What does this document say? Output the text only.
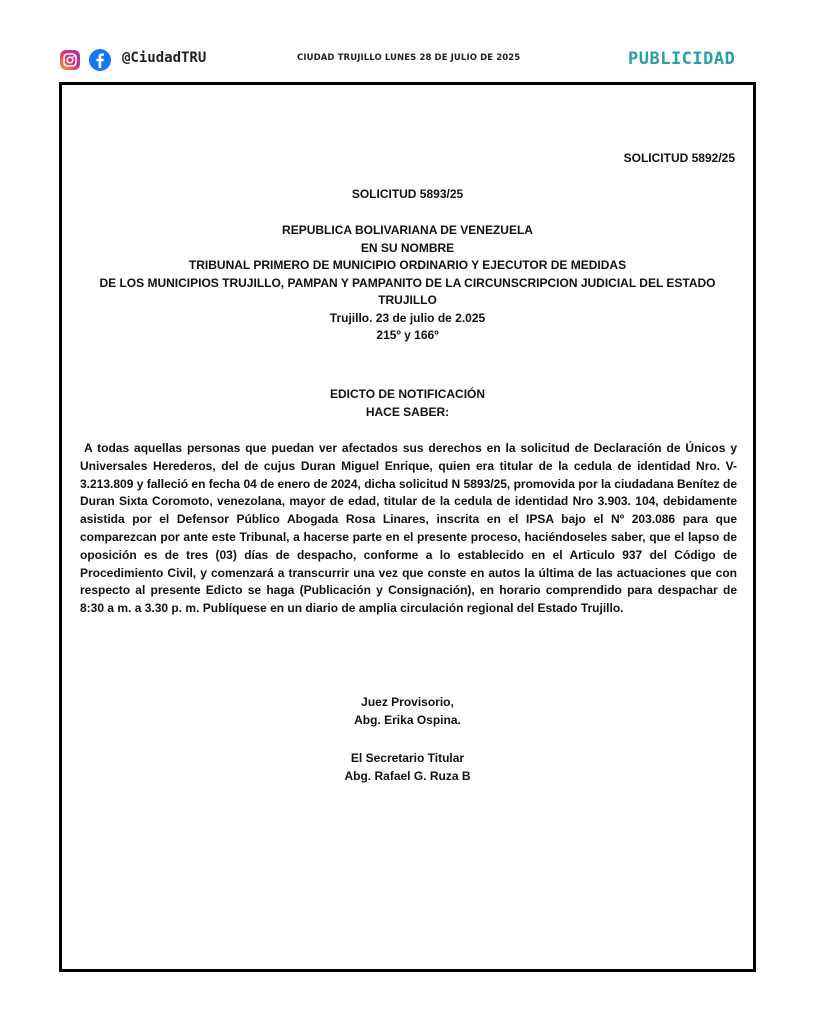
@CiudadTRU	CIUDAD TRUJILLO LUNES 28 DE JULIO DE 2025	PUBLICIDAD
SOLICITUD 5892/25
SOLICITUD 5893/25
REPUBLICA BOLIVARIANA DE VENEZUELA
EN SU NOMBRE
TRIBUNAL PRIMERO DE MUNICIPIO ORDINARIO Y EJECUTOR DE MEDIDAS
DE LOS MUNICIPIOS TRUJILLO, PAMPAN Y PAMPANITO DE LA CIRCUNSCRIPCION JUDICIAL DEL ESTADO TRUJILLO
Trujillo. 23 de julio de 2.025
215º y 166º
EDICTO DE NOTIFICACIÓN
HACE SABER:
A todas aquellas personas que puedan ver afectados sus derechos en la solicitud de Declaración de Únicos y Universales Herederos, del de cujus Duran Miguel Enrique, quien era titular de la cedula de identidad Nro. V-3.213.809 y falleció en fecha 04 de enero de 2024, dicha solicitud N 5893/25, promovida por la ciudadana Benítez de Duran Sixta Coromoto, venezolana, mayor de edad, titular de la cedula de identidad Nro 3.903. 104, debidamente asistida por el Defensor Público Abogada Rosa Linares, inscrita en el IPSA bajo el Nº 203.086 para que comparezcan por ante este Tribunal, a hacerse parte en el presente proceso, haciéndoseles saber, que el lapso de oposición es de tres (03) días de despacho, conforme a lo establecido en el Articulo 937 del Código de Procedimiento Civil, y comenzará a transcurrir una vez que conste en autos la última de las actuaciones que con respecto al presente Edicto se haga (Publicación y Consignación), en horario comprendido para despachar de 8:30 a m. a 3.30 p. m. Publíquese en un diario de amplia circulación regional del Estado Trujillo.
Juez Provisorio,
Abg. Erika Ospina.
El Secretario Titular
Abg. Rafael G. Ruza B
